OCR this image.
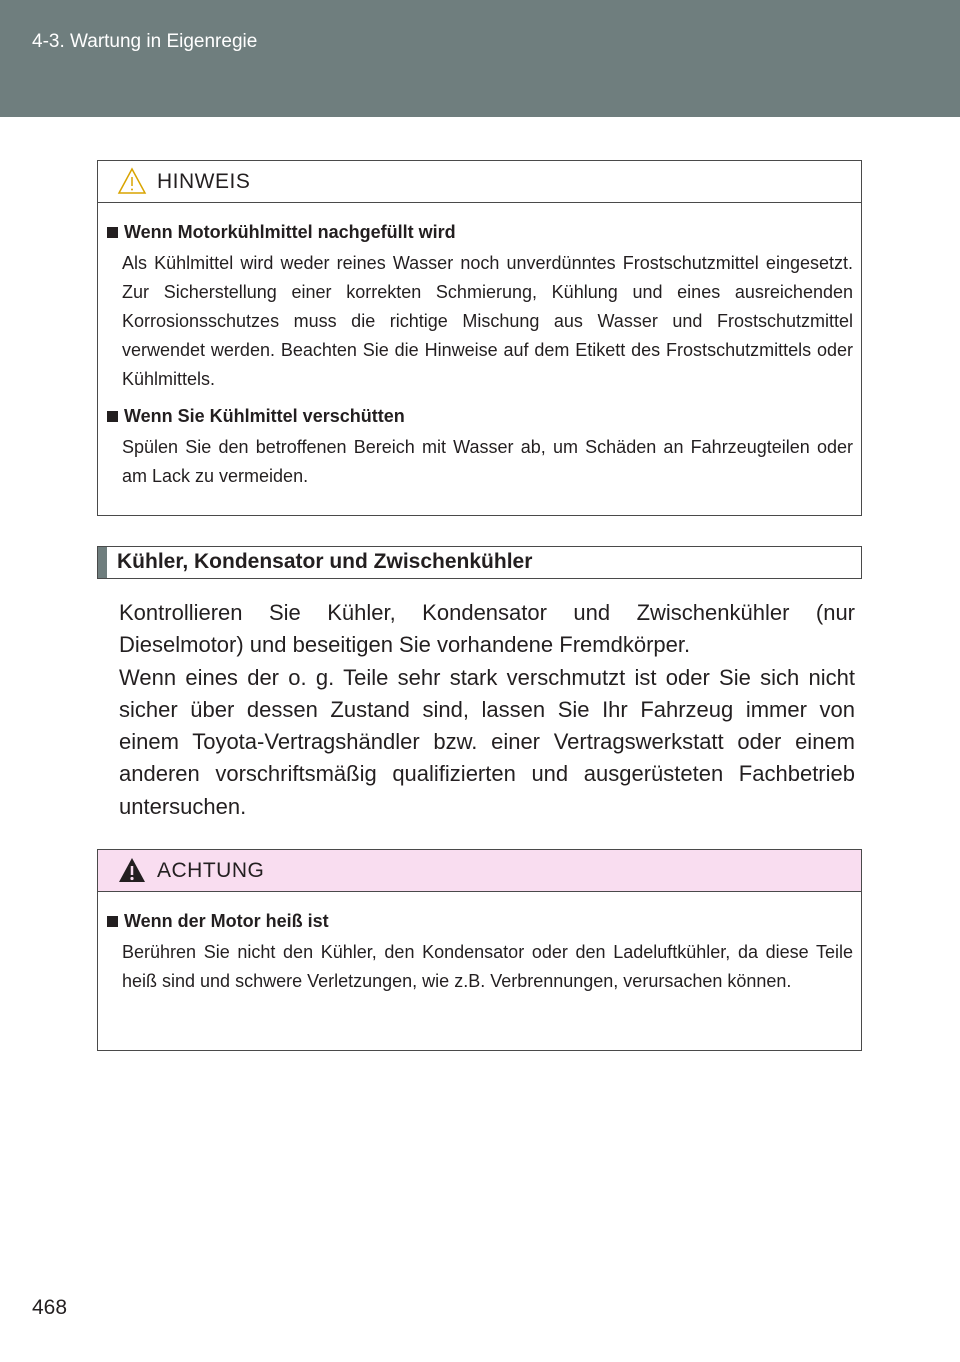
4-3. Wartung in Eigenregie
HINWEIS
Wenn Motorkühlmittel nachgefüllt wird
Als Kühlmittel wird weder reines Wasser noch unverdünntes Frostschutzmittel eingesetzt. Zur Sicherstellung einer korrekten Schmierung, Kühlung und eines ausreichenden Korrosionsschutzes muss die richtige Mischung aus Wasser und Frostschutzmittel verwendet werden. Beachten Sie die Hinweise auf dem Etikett des Frostschutzmittels oder Kühlmittels.
Wenn Sie Kühlmittel verschütten
Spülen Sie den betroffenen Bereich mit Wasser ab, um Schäden an Fahrzeugteilen oder am Lack zu vermeiden.
Kühler, Kondensator und Zwischenkühler
Kontrollieren Sie Kühler, Kondensator und Zwischenkühler (nur Dieselmotor) und beseitigen Sie vorhandene Fremdkörper.
Wenn eines der o. g. Teile sehr stark verschmutzt ist oder Sie sich nicht sicher über dessen Zustand sind, lassen Sie Ihr Fahrzeug immer von einem Toyota-Vertragshändler bzw. einer Vertragswerkstatt oder einem anderen vorschriftsmäßig qualifizierten und ausgerüsteten Fachbetrieb untersuchen.
ACHTUNG
Wenn der Motor heiß ist
Berühren Sie nicht den Kühler, den Kondensator oder den Ladeluftkühler, da diese Teile heiß sind und schwere Verletzungen, wie z.B. Verbrennungen, verursachen können.
468
